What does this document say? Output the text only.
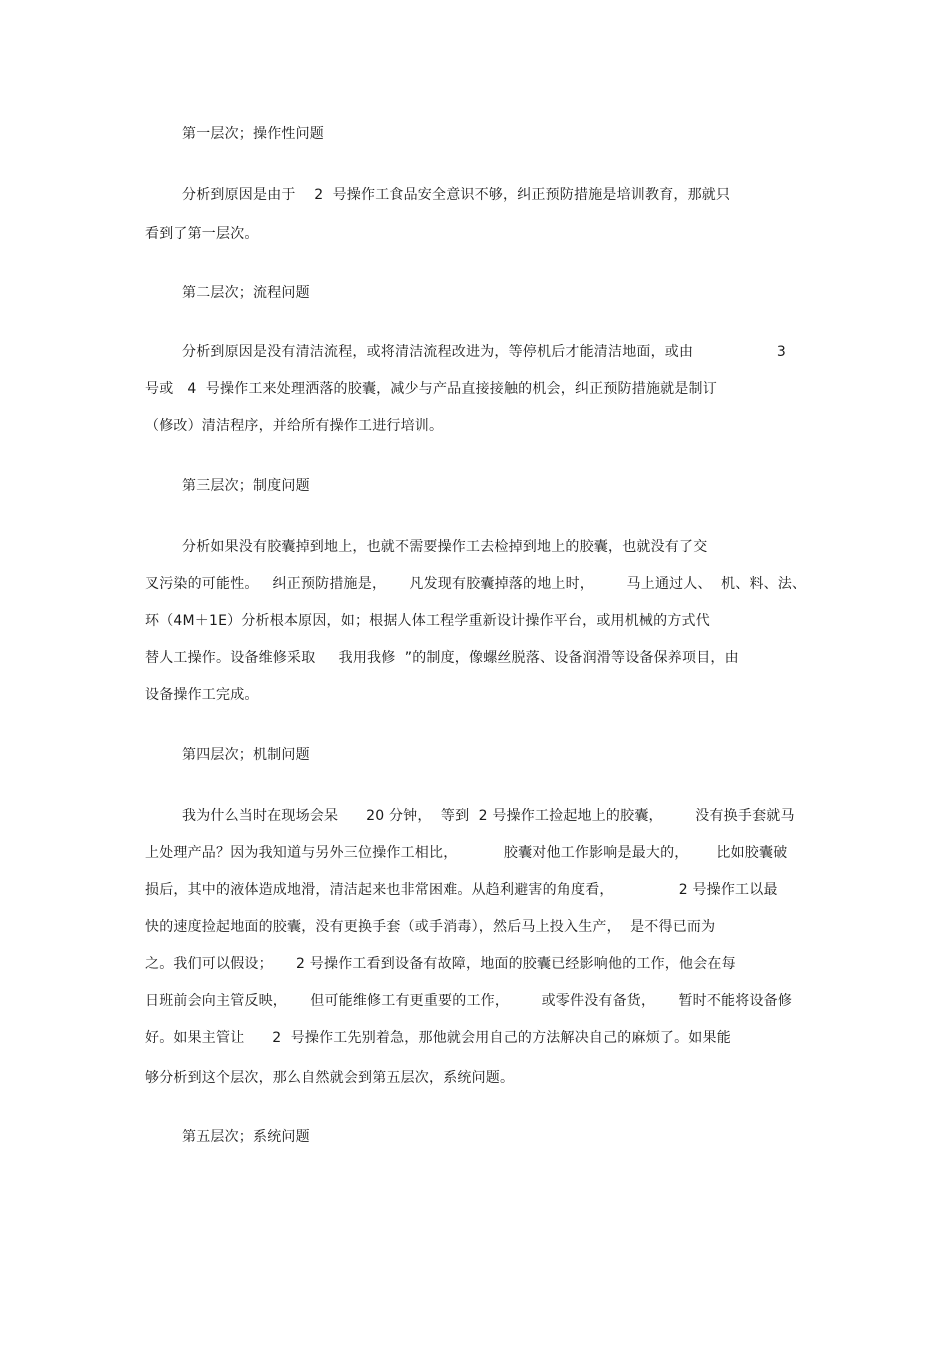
第一层次；操作性问题
分析到原因是由于    2  号操作工食品安全意识不够，纠正预防措施是培训教育，那就只
看到了第一层次。
第二层次；流程问题
分析到原因是没有清洁流程，或将清洁流程改进为，等停机后才能清洁地面，或由                  3
号或   4  号操作工来处理洒落的胶囊，减少与产品直接接触的机会，纠正预防措施就是制订
（修改）清洁程序，并给所有操作工进行培训。
第三层次；制度问题
分析如果没有胶囊掉到地上，也就不需要操作工去检掉到地上的胶囊，也就没有了交
叉污染的可能性。   纠正预防措施是，     凡发现有胶囊掉落的地上时，       马上通过人、  机、料、法、
环（4M＋1E）分析根本原因，如；根据人体工程学重新设计操作平台，或用机械的方式代
替人工操作。设备维修采取     我用我修  ”的制度，像螺丝脱落、设备润滑等设备保养项目，由
设备操作工完成。
第四层次；机制问题
我为什么当时在现场会呆      20 分钟，  等到  2 号操作工捡起地上的胶囊，       没有换手套就马
上处理产品？因为我知道与另外三位操作工相比，          胶囊对他工作影响是最大的，      比如胶囊破
损后，其中的液体造成地滑，清洁起来也非常困难。从趋利避害的角度看，              2 号操作工以最
快的速度捡起地面的胶囊，没有更换手套（或手消毒），然后马上投入生产，  是不得已而为
之。我们可以假设；     2 号操作工看到设备有故障，地面的胶囊已经影响他的工作，他会在每
日班前会向主管反映，     但可能维修工有更重要的工作，       或零件没有备货，     暂时不能将设备修
好。如果主管让      2  号操作工先别着急，那他就会用自己的方法解决自己的麻烦了。如果能
够分析到这个层次，那么自然就会到第五层次，系统问题。
第五层次；系统问题
